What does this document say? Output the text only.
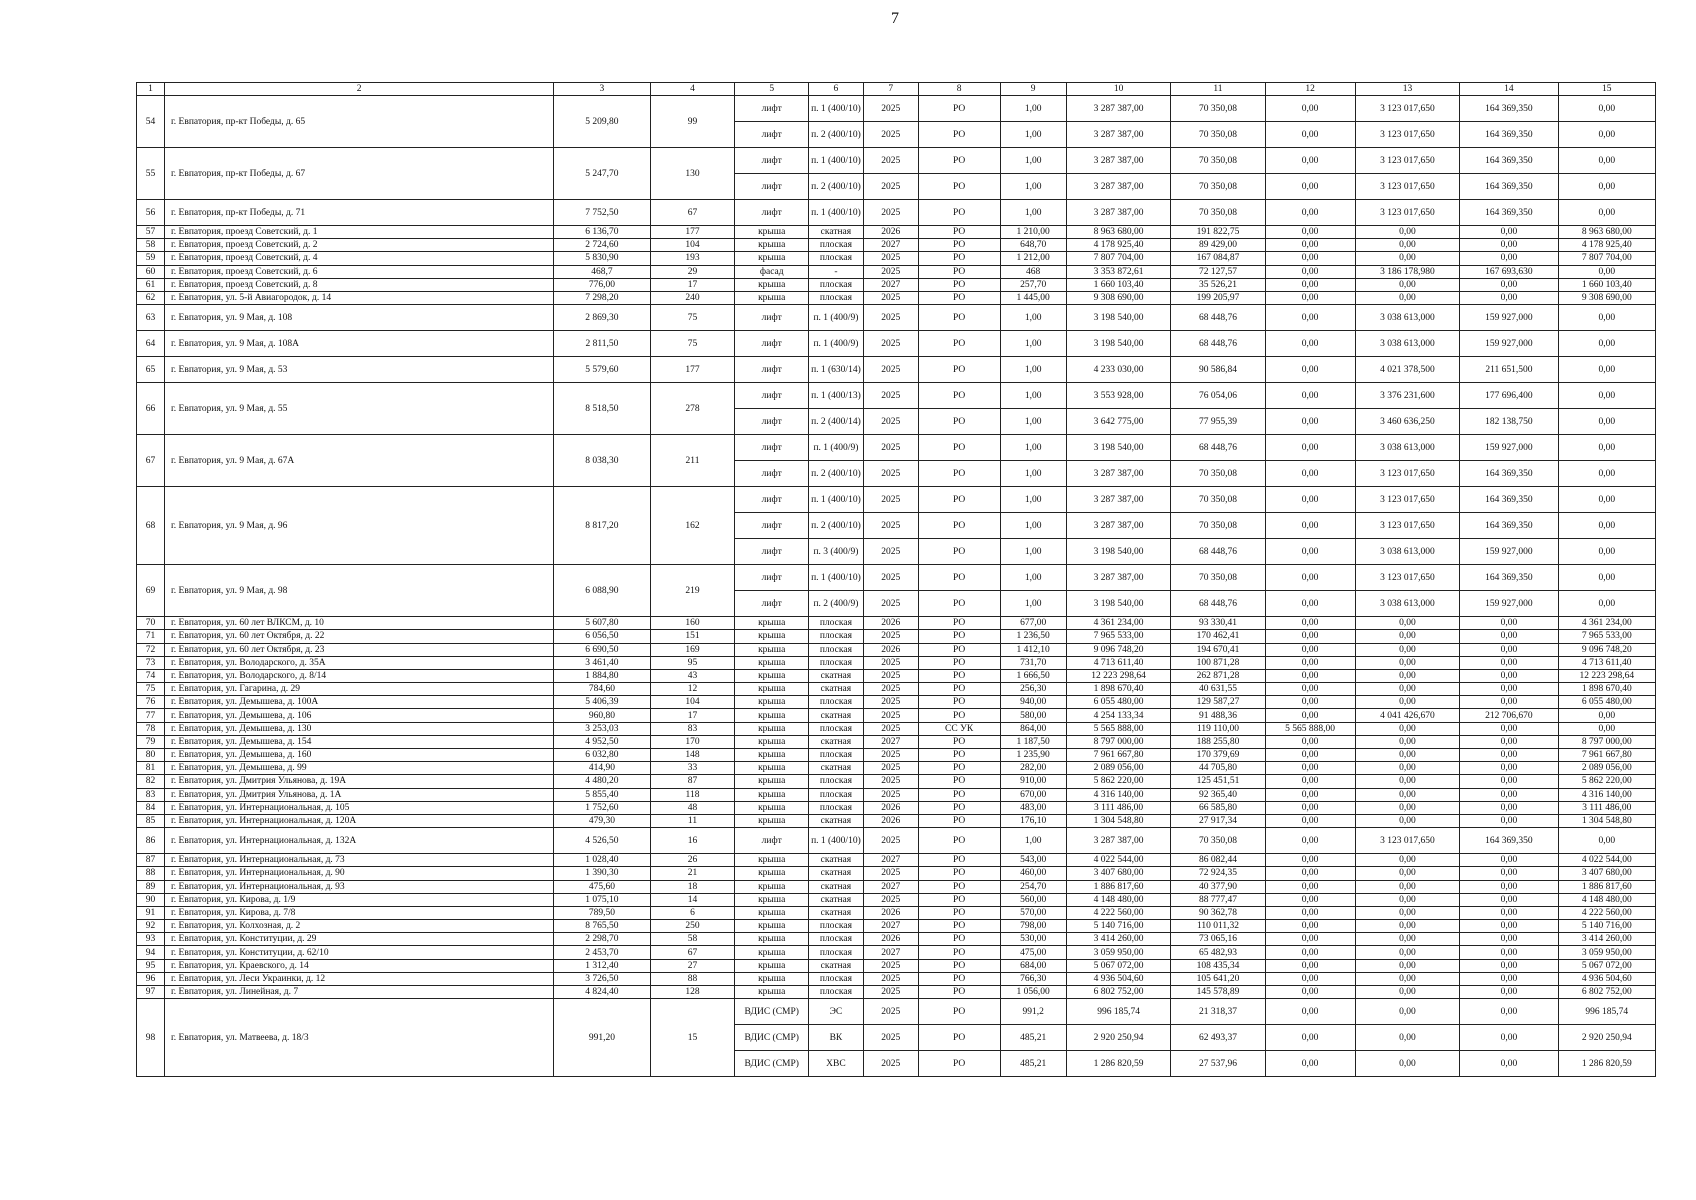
7
1	2	3	4	5	6	7	8	9	10	11	12	13	14	15
54	г. Евпатория, пр-кт Победы, д. 65	5 209,80	99	лифт	п. 1 (400/10)	2025	РО	1,00	3 287 387,00	70 350,08	0,00	3 123 017,650	164 369,350	0,00
				лифт	п. 2 (400/10)	2025	РО	1,00	3 287 387,00	70 350,08	0,00	3 123 017,650	164 369,350	0,00
55	г. Евпатория, пр-кт Победы, д. 67	5 247,70	130	лифт	п. 1 (400/10)	2025	РО	1,00	3 287 387,00	70 350,08	0,00	3 123 017,650	164 369,350	0,00
				лифт	п. 2 (400/10)	2025	РО	1,00	3 287 387,00	70 350,08	0,00	3 123 017,650	164 369,350	0,00
56	г. Евпатория, пр-кт Победы, д. 71	7 752,50	67	лифт	п. 1 (400/10)	2025	РО	1,00	3 287 387,00	70 350,08	0,00	3 123 017,650	164 369,350	0,00
57	г. Евпатория, проезд Советский, д. 1	6 136,70	177	крыша	скатная	2026	РО	1 210,00	8 963 680,00	191 822,75	0,00	0,00	0,00	8 963 680,00
58	г. Евпатория, проезд Советский, д. 2	2 724,60	104	крыша	плоская	2027	РО	648,70	4 178 925,40	89 429,00	0,00	0,00	0,00	4 178 925,40
59	г. Евпатория, проезд Советский, д. 4	5 830,90	193	крыша	плоская	2025	РО	1 212,00	7 807 704,00	167 084,87	0,00	0,00	0,00	7 807 704,00
60	г. Евпатория, проезд Советский, д. 6	468,7	29	фасад	-	2025	РО	468	3 353 872,61	72 127,57	0,00	3 186 178,980	167 693,630	0,00
61	г. Евпатория, проезд Советский, д. 8	776,00	17	крыша	плоская	2027	РО	257,70	1 660 103,40	35 526,21	0,00	0,00	0,00	1 660 103,40
62	г. Евпатория, ул. 5-й Авиагородок, д. 14	7 298,20	240	крыша	плоская	2025	РО	1 445,00	9 308 690,00	199 205,97	0,00	0,00	0,00	9 308 690,00
63	г. Евпатория, ул. 9 Мая, д. 108	2 869,30	75	лифт	п. 1 (400/9)	2025	РО	1,00	3 198 540,00	68 448,76	0,00	3 038 613,000	159 927,000	0,00
64	г. Евпатория, ул. 9 Мая, д. 108А	2 811,50	75	лифт	п. 1 (400/9)	2025	РО	1,00	3 198 540,00	68 448,76	0,00	3 038 613,000	159 927,000	0,00
65	г. Евпатория, ул. 9 Мая, д. 53	5 579,60	177	лифт	п. 1 (630/14)	2025	РО	1,00	4 233 030,00	90 586,84	0,00	4 021 378,500	211 651,500	0,00
66	г. Евпатория, ул. 9 Мая, д. 55	8 518,50	278	лифт	п. 1 (400/13)	2025	РО	1,00	3 553 928,00	76 054,06	0,00	3 376 231,600	177 696,400	0,00
				лифт	п. 2 (400/14)	2025	РО	1,00	3 642 775,00	77 955,39	0,00	3 460 636,250	182 138,750	0,00
67	г. Евпатория, ул. 9 Мая, д. 67А	8 038,30	211	лифт	п. 1 (400/9)	2025	РО	1,00	3 198 540,00	68 448,76	0,00	3 038 613,000	159 927,000	0,00
				лифт	п. 2 (400/10)	2025	РО	1,00	3 287 387,00	70 350,08	0,00	3 123 017,650	164 369,350	0,00
68	г. Евпатория, ул. 9 Мая, д. 96	8 817,20	162	лифт	п. 1 (400/10)	2025	РО	1,00	3 287 387,00	70 350,08	0,00	3 123 017,650	164 369,350	0,00
				лифт	п. 2 (400/10)	2025	РО	1,00	3 287 387,00	70 350,08	0,00	3 123 017,650	164 369,350	0,00
				лифт	п. 3 (400/9)	2025	РО	1,00	3 198 540,00	68 448,76	0,00	3 038 613,000	159 927,000	0,00
69	г. Евпатория, ул. 9 Мая, д. 98	6 088,90	219	лифт	п. 1 (400/10)	2025	РО	1,00	3 287 387,00	70 350,08	0,00	3 123 017,650	164 369,350	0,00
				лифт	п. 2 (400/9)	2025	РО	1,00	3 198 540,00	68 448,76	0,00	3 038 613,000	159 927,000	0,00
70	г. Евпатория, ул. 60 лет ВЛКСМ, д. 10	5 607,80	160	крыша	плоская	2026	РО	677,00	4 361 234,00	93 330,41	0,00	0,00	0,00	4 361 234,00
71	г. Евпатория, ул. 60 лет Октября, д. 22	6 056,50	151	крыша	плоская	2025	РО	1 236,50	7 965 533,00	170 462,41	0,00	0,00	0,00	7 965 533,00
72	г. Евпатория, ул. 60 лет Октября, д. 23	6 690,50	169	крыша	плоская	2026	РО	1 412,10	9 096 748,20	194 670,41	0,00	0,00	0,00	9 096 748,20
73	г. Евпатория, ул. Володарского, д. 35А	3 461,40	95	крыша	плоская	2025	РО	731,70	4 713 611,40	100 871,28	0,00	0,00	0,00	4 713 611,40
74	г. Евпатория, ул. Володарского, д. 8/14	1 884,80	43	крыша	скатная	2025	РО	1 666,50	12 223 298,64	262 871,28	0,00	0,00	0,00	12 223 298,64
75	г. Евпатория, ул. Гагарина, д. 29	784,60	12	крыша	скатная	2025	РО	256,30	1 898 670,40	40 631,55	0,00	0,00	0,00	1 898 670,40
76	г. Евпатория, ул. Демышева, д. 100А	5 406,39	104	крыша	плоская	2025	РО	940,00	6 055 480,00	129 587,27	0,00	0,00	0,00	6 055 480,00
77	г. Евпатория, ул. Демышева, д. 106	960,80	17	крыша	скатная	2025	РО	580,00	4 254 133,34	91 488,36	0,00	4 041 426,670	212 706,670	0,00
78	г. Евпатория, ул. Демышева, д. 130	3 253,03	83	крыша	плоская	2025	СС УК	864,00	5 565 888,00	119 110,00	5 565 888,00	0,00	0,00	0,00
79	г. Евпатория, ул. Демышева, д. 154	4 952,50	170	крыша	скатная	2027	РО	1 187,50	8 797 000,00	188 255,80	0,00	0,00	0,00	8 797 000,00
80	г. Евпатория, ул. Демышева, д. 160	6 032,80	148	крыша	плоская	2025	РО	1 235,90	7 961 667,80	170 379,69	0,00	0,00	0,00	7 961 667,80
81	г. Евпатория, ул. Демышева, д. 99	414,90	33	крыша	скатная	2025	РО	282,00	2 089 056,00	44 705,80	0,00	0,00	0,00	2 089 056,00
82	г. Евпатория, ул. Дмитрия Ульянова, д. 19А	4 480,20	87	крыша	плоская	2025	РО	910,00	5 862 220,00	125 451,51	0,00	0,00	0,00	5 862 220,00
83	г. Евпатория, ул. Дмитрия Ульянова, д. 1А	5 855,40	118	крыша	плоская	2025	РО	670,00	4 316 140,00	92 365,40	0,00	0,00	0,00	4 316 140,00
84	г. Евпатория, ул. Интернациональная, д. 105	1 752,60	48	крыша	плоская	2026	РО	483,00	3 111 486,00	66 585,80	0,00	0,00	0,00	3 111 486,00
85	г. Евпатория, ул. Интернациональная, д. 120А	479,30	11	крыша	скатная	2026	РО	176,10	1 304 548,80	27 917,34	0,00	0,00	0,00	1 304 548,80
86	г. Евпатория, ул. Интернациональная, д. 132А	4 526,50	16	лифт	п. 1 (400/10)	2025	РО	1,00	3 287 387,00	70 350,08	0,00	3 123 017,650	164 369,350	0,00
87	г. Евпатория, ул. Интернациональная, д. 73	1 028,40	26	крыша	скатная	2027	РО	543,00	4 022 544,00	86 082,44	0,00	0,00	0,00	4 022 544,00
88	г. Евпатория, ул. Интернациональная, д. 90	1 390,30	21	крыша	скатная	2025	РО	460,00	3 407 680,00	72 924,35	0,00	0,00	0,00	3 407 680,00
89	г. Евпатория, ул. Интернациональная, д. 93	475,60	18	крыша	скатная	2027	РО	254,70	1 886 817,60	40 377,90	0,00	0,00	0,00	1 886 817,60
90	г. Евпатория, ул. Кирова, д. 1/9	1 075,10	14	крыша	скатная	2025	РО	560,00	4 148 480,00	88 777,47	0,00	0,00	0,00	4 148 480,00
91	г. Евпатория, ул. Кирова, д. 7/8	789,50	6	крыша	скатная	2026	РО	570,00	4 222 560,00	90 362,78	0,00	0,00	0,00	4 222 560,00
92	г. Евпатория, ул. Колхозная, д. 2	8 765,50	250	крыша	плоская	2027	РО	798,00	5 140 716,00	110 011,32	0,00	0,00	0,00	5 140 716,00
93	г. Евпатория, ул. Конституции, д. 29	2 298,70	58	крыша	плоская	2026	РО	530,00	3 414 260,00	73 065,16	0,00	0,00	0,00	3 414 260,00
94	г. Евпатория, ул. Конституции, д. 62/10	2 453,70	67	крыша	плоская	2027	РО	475,00	3 059 950,00	65 482,93	0,00	0,00	0,00	3 059 950,00
95	г. Евпатория, ул. Краевского, д. 14	1 312,40	27	крыша	скатная	2025	РО	684,00	5 067 072,00	108 435,34	0,00	0,00	0,00	5 067 072,00
96	г. Евпатория, ул. Леси Украинки, д. 12	3 726,50	88	крыша	плоская	2025	РО	766,30	4 936 504,60	105 641,20	0,00	0,00	0,00	4 936 504,60
97	г. Евпатория, ул. Линейная, д. 7	4 824,40	128	крыша	плоская	2025	РО	1 056,00	6 802 752,00	145 578,89	0,00	0,00	0,00	6 802 752,00
98	г. Евпатория, ул. Матвеева, д. 18/3	991,20	15	ВДИС (СМР)	ЭС	2025	РО	991,2	996 185,74	21 318,37	0,00	0,00	0,00	996 185,74
				ВДИС (СМР)	ВК	2025	РО	485,21	2 920 250,94	62 493,37	0,00	0,00	0,00	2 920 250,94
				ВДИС (СМР)	ХВС	2025	РО	485,21	1 286 820,59	27 537,96	0,00	0,00	0,00	1 286 820,59
